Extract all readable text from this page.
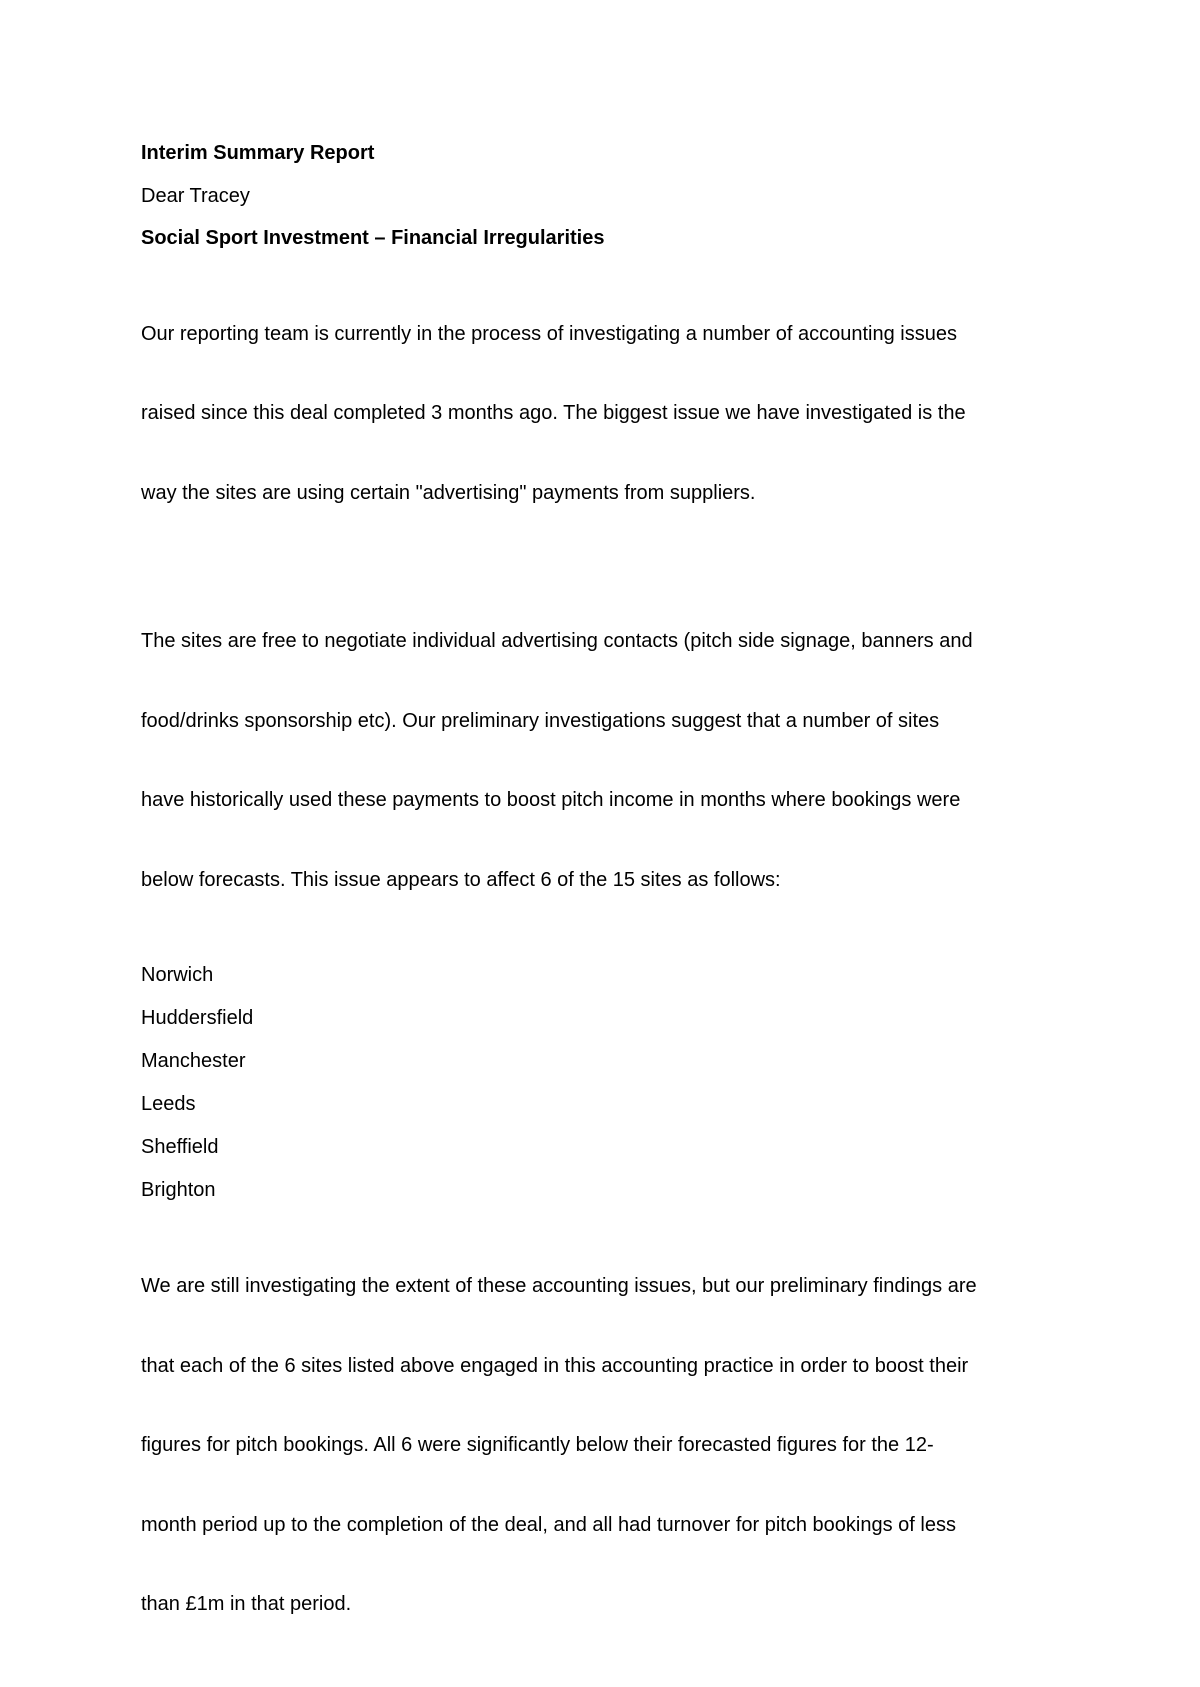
Interim Summary Report
Dear Tracey
Social Sport Investment – Financial Irregularities

Our reporting team is currently in the process of investigating a number of accounting issues

raised since this deal completed 3 months ago. The biggest issue we have investigated is the

way the sites are using certain "advertising" payments from suppliers.

The sites are free to negotiate individual advertising contacts (pitch side signage, banners and

food/drinks sponsorship etc). Our preliminary investigations suggest that a number of sites

have historically used these payments to boost pitch income in months where bookings were

below forecasts. This issue appears to affect 6 of the 15 sites as follows:

Norwich
Huddersfield
Manchester
Leeds
Sheffield
Brighton

We are still investigating the extent of these accounting issues, but our preliminary findings are

that each of the 6 sites listed above engaged in this accounting practice in order to boost their

figures for pitch bookings. All 6 were significantly below their forecasted figures for the 12-

month period up to the completion of the deal, and all had turnover for pitch bookings of less

than £1m in that period.
